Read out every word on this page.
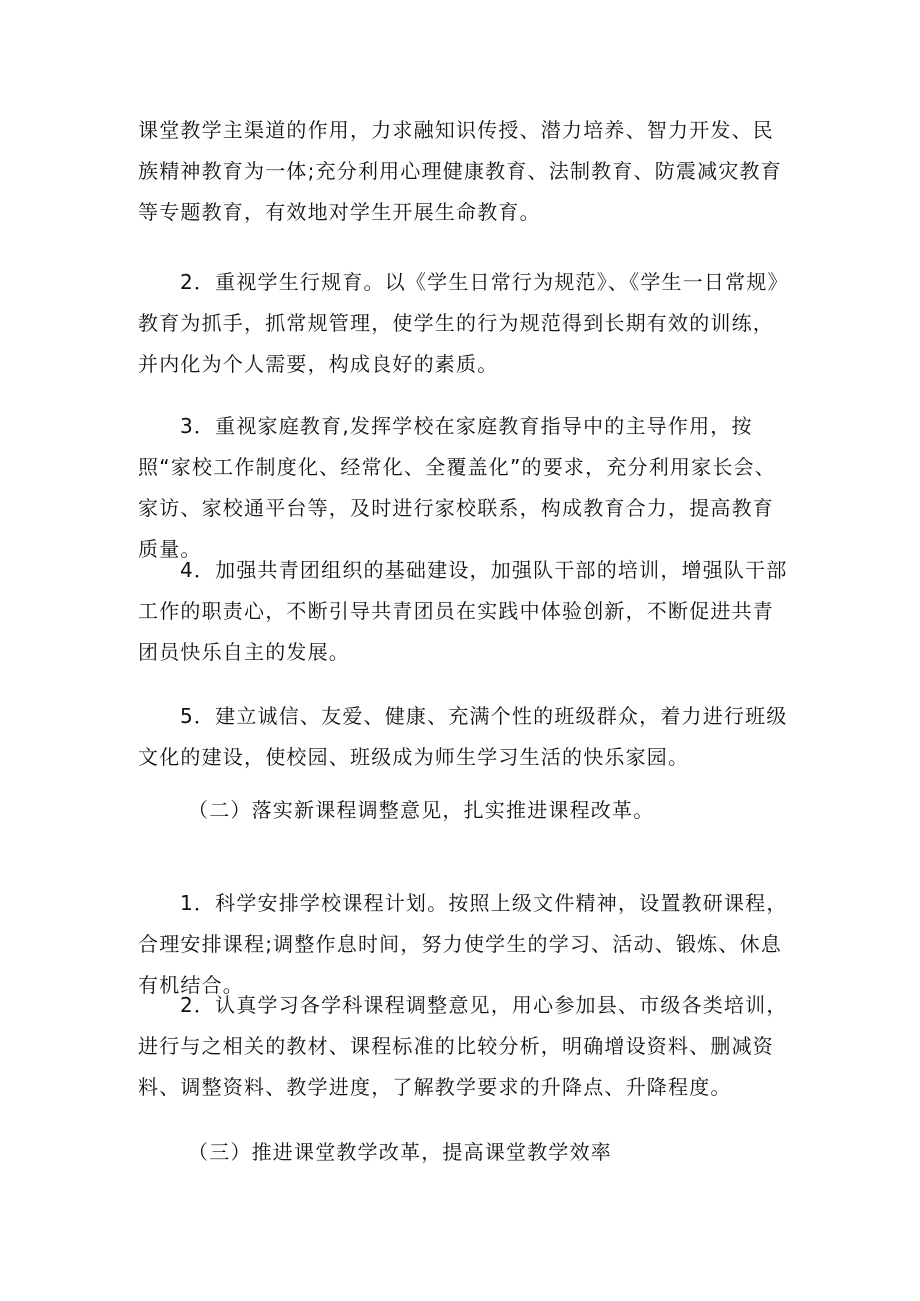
课堂教学主渠道的作用，力求融知识传授、潜力培养、智力开发、民族精神教育为一体;充分利用心理健康教育、法制教育、防震减灾教育等专题教育，有效地对学生开展生命教育。

2．重视学生行规育。以《学生日常行为规范》、《学生一日常规》教育为抓手，抓常规管理，使学生的行为规范得到长期有效的训练，并内化为个人需要，构成良好的素质。

3．重视家庭教育,发挥学校在家庭教育指导中的主导作用，按照“家校工作制度化、经常化、全覆盖化”的要求，充分利用家长会、家访、家校通平台等，及时进行家校联系，构成教育合力，提高教育质量。

4．加强共青团组织的基础建设，加强队干部的培训，增强队干部工作的职责心，不断引导共青团员在实践中体验创新，不断促进共青团员快乐自主的发展。

5．建立诚信、友爱、健康、充满个性的班级群众，着力进行班级文化的建设，使校园、班级成为师生学习生活的快乐家园。

（二）落实新课程调整意见，扎实推进课程改革。

1．科学安排学校课程计划。按照上级文件精神，设置教研课程，合理安排课程;调整作息时间，努力使学生的学习、活动、锻炼、休息有机结合。

2．认真学习各学科课程调整意见，用心参加县、市级各类培训，进行与之相关的教材、课程标准的比较分析，明确增设资料、删减资料、调整资料、教学进度，了解教学要求的升降点、升降程度。

（三）推进课堂教学改革，提高课堂教学效率
